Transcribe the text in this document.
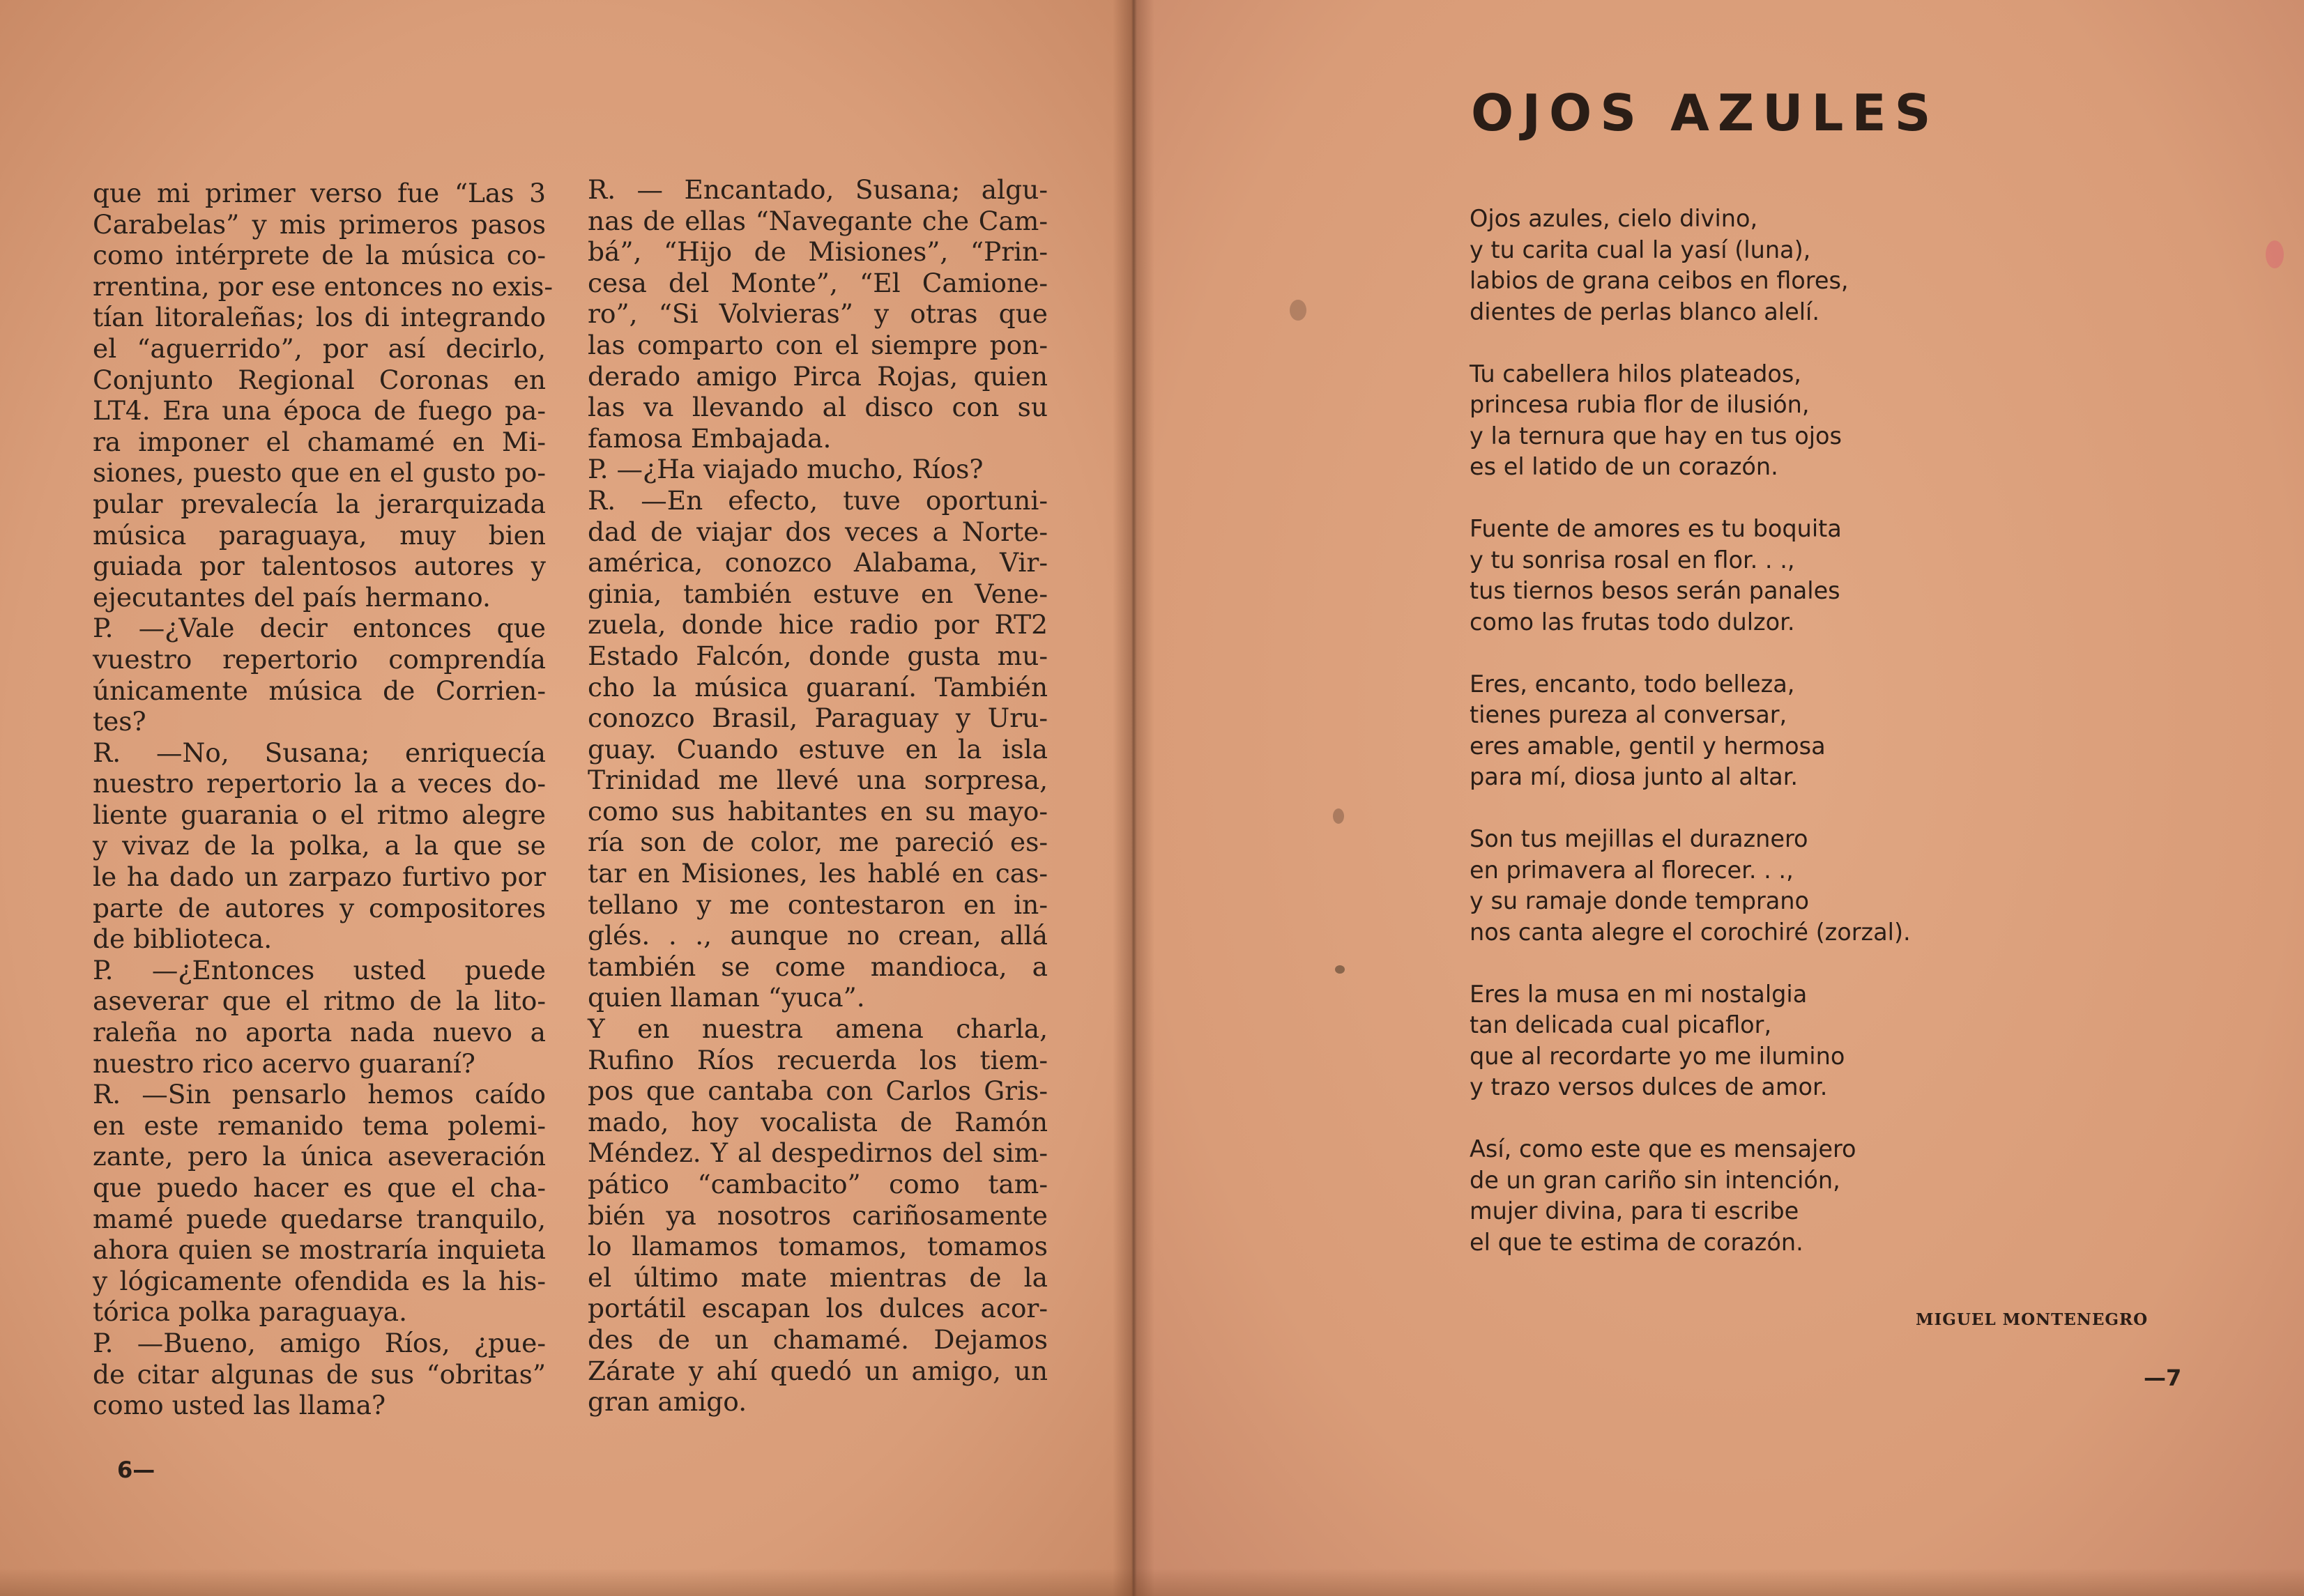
que mi primer verso fue “Las 3
Carabelas” y mis primeros pasos
como intérprete de la música co-
rrentina, por ese entonces no exis-
tían litoraleñas; los di integrando
el “aguerrido”, por así decirlo,
Conjunto Regional Coronas en
LT4. Era una época de fuego pa-
ra imponer el chamamé en Mi-
siones, puesto que en el gusto po-
pular prevalecía la jerarquizada
música paraguaya, muy bien
guiada por talentosos autores y
ejecutantes del país hermano.
P. —¿Vale decir entonces que
vuestro repertorio comprendía
únicamente música de Corrien-
tes?
R. —No, Susana; enriquecía
nuestro repertorio la a veces do-
liente guarania o el ritmo alegre
y vivaz de la polka, a la que se
le ha dado un zarpazo furtivo por
parte de autores y compositores
de biblioteca.
P. —¿Entonces usted puede
aseverar que el ritmo de la lito-
raleña no aporta nada nuevo a
nuestro rico acervo guaraní?
R. —Sin pensarlo hemos caído
en este remanido tema polemi-
zante, pero la única aseveración
que puedo hacer es que el cha-
mamé puede quedarse tranquilo,
ahora quien se mostraría inquieta
y lógicamente ofendida es la his-
tórica polka paraguaya.
P. —Bueno, amigo Ríos, ¿pue-
de citar algunas de sus “obritas”
como usted las llama?
R. — Encantado, Susana; algu-
nas de ellas “Navegante che Cam-
bá”, “Hijo de Misiones”, “Prin-
cesa del Monte”, “El Camione-
ro”, “Si Volvieras” y otras que
las comparto con el siempre pon-
derado amigo Pirca Rojas, quien
las va llevando al disco con su
famosa Embajada.
P. —¿Ha viajado mucho, Ríos?
R. —En efecto, tuve oportuni-
dad de viajar dos veces a Norte-
américa, conozco Alabama, Vir-
ginia, también estuve en Vene-
zuela, donde hice radio por RT2
Estado Falcón, donde gusta mu-
cho la música guaraní. También
conozco Brasil, Paraguay y Uru-
guay. Cuando estuve en la isla
Trinidad me llevé una sorpresa,
como sus habitantes en su mayo-
ría son de color, me pareció es-
tar en Misiones, les hablé en cas-
tellano y me contestaron en in-
glés. . ., aunque no crean, allá
también se come mandioca, a
quien llaman “yuca”.
Y en nuestra amena charla,
Rufino Ríos recuerda los tiem-
pos que cantaba con Carlos Gris-
mado, hoy vocalista de Ramón
Méndez. Y al despedirnos del sim-
pático “cambacito” como tam-
bién ya nosotros cariñosamente
lo llamamos tomamos, tomamos
el último mate mientras de la
portátil escapan los dulces acor-
des de un chamamé. Dejamos
Zárate y ahí quedó un amigo, un
gran amigo.
6—
OJOS AZULES
Ojos azules, cielo divino,
y tu carita cual la yasí (luna),
labios de grana ceibos en flores,
dientes de perlas blanco alelí.
Tu cabellera hilos plateados,
princesa rubia flor de ilusión,
y la ternura que hay en tus ojos
es el latido de un corazón.
Fuente de amores es tu boquita
y tu sonrisa rosal en flor. . .,
tus tiernos besos serán panales
como las frutas todo dulzor.
Eres, encanto, todo belleza,
tienes pureza al conversar,
eres amable, gentil y hermosa
para mí, diosa junto al altar.
Son tus mejillas el duraznero
en primavera al florecer. . .,
y su ramaje donde temprano
nos canta alegre el corochiré (zorzal).
Eres la musa en mi nostalgia
tan delicada cual picaflor,
que al recordarte yo me ilumino
y trazo versos dulces de amor.
Así, como este que es mensajero
de un gran cariño sin intención,
mujer divina, para ti escribe
el que te estima de corazón.
MIGUEL MONTENEGRO
—7
